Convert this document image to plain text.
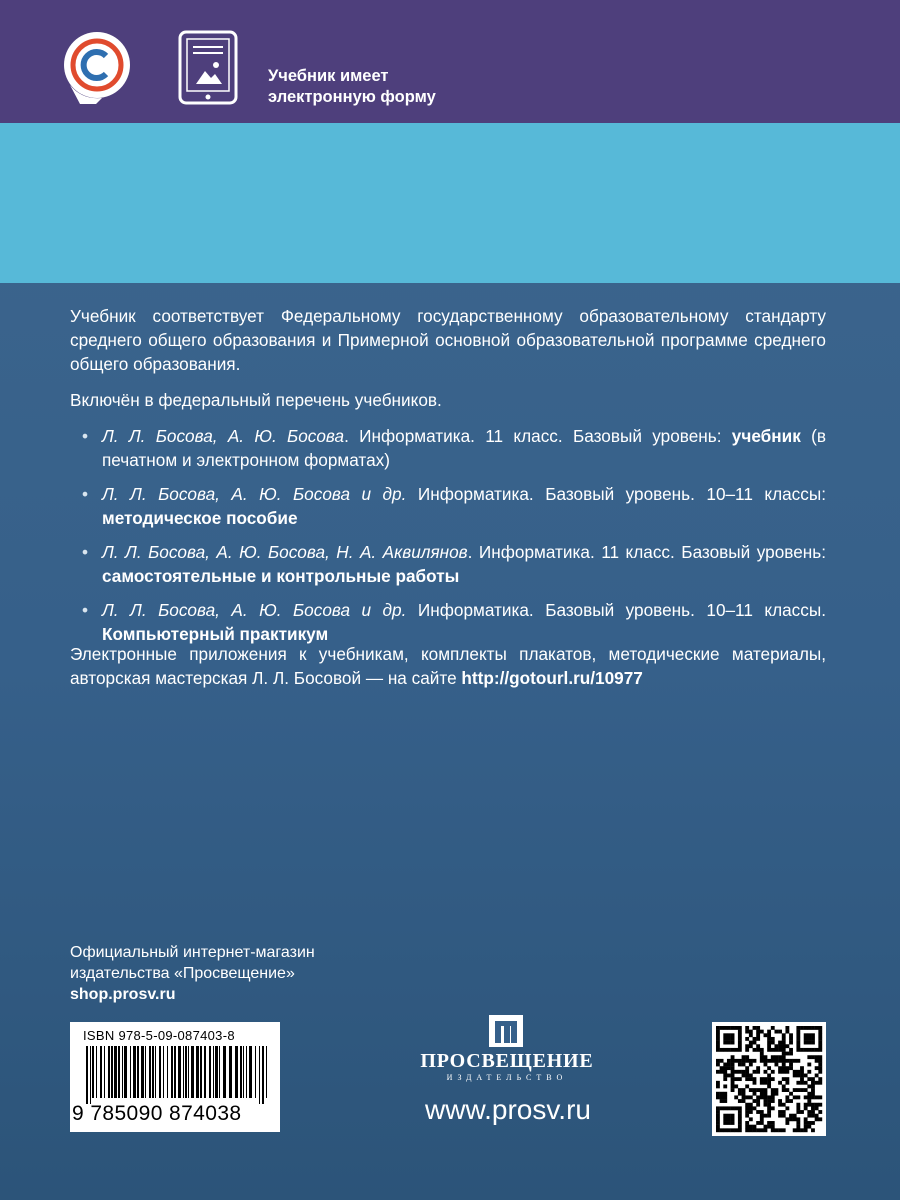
Учебник имеет
электронную форму

Учебник соответствует Федеральному государственному образовательному стандарту среднего общего образования и Примерной основной образовательной программе среднего общего образования.

Включён в федеральный перечень учебников.

• Л. Л. Босова, А. Ю. Босова. Информатика. 11 класс. Базовый уровень: учебник (в печатном и электронном форматах)
• Л. Л. Босова, А. Ю. Босова и др. Информатика. Базовый уровень. 10–11 классы: методическое пособие
• Л. Л. Босова, А. Ю. Босова, Н. А. Аквилянов. Информатика. 11 класс. Базовый уровень: самостоятельные и контрольные работы
• Л. Л. Босова, А. Ю. Босова и др. Информатика. Базовый уровень. 10–11 классы. Компьютерный практикум

Электронные приложения к учебникам, комплекты плакатов, методические материалы, авторская мастерская Л. Л. Босовой — на сайте http://gotourl.ru/10977

Официальный интернет-магазин
издательства «Просвещение»
shop.prosv.ru
ISBN 978-5-09-087403-8
9 785090 874038
ПРОСВЕЩЕНИЕ
ИЗДАТЕЛЬСТВО
www.prosv.ru
